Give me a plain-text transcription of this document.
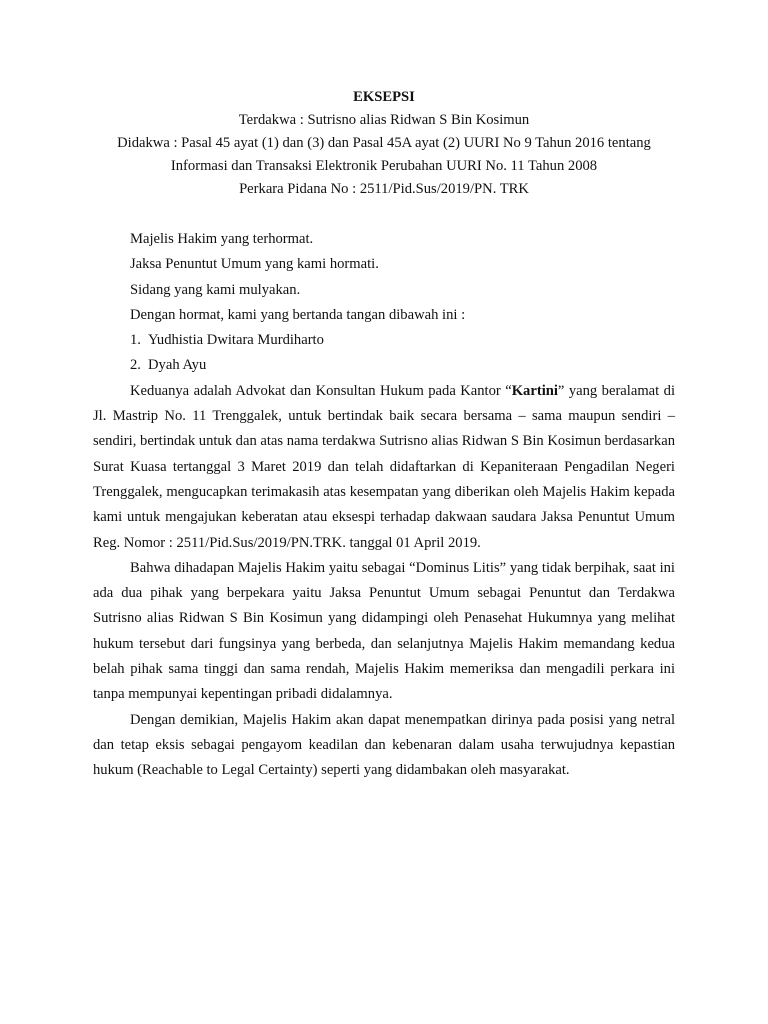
EKSEPSI
Terdakwa : Sutrisno alias Ridwan S Bin Kosimun
Didakwa : Pasal 45 ayat (1) dan (3) dan Pasal 45A ayat (2) UURI No 9 Tahun 2016 tentang
Informasi dan Transaksi Elektronik Perubahan UURI No. 11 Tahun 2008
Perkara Pidana No : 2511/Pid.Sus/2019/PN. TRK
Majelis Hakim yang terhormat.
Jaksa Penuntut Umum yang kami hormati.
Sidang yang kami mulyakan.
Dengan hormat, kami yang bertanda tangan dibawah ini :
1. Yudhistia Dwitara Murdiharto
2. Dyah Ayu

Keduanya adalah Advokat dan Konsultan Hukum pada Kantor “Kartini” yang beralamat di Jl. Mastrip No. 11 Trenggalek, untuk bertindak baik secara bersama – sama maupun sendiri – sendiri, bertindak untuk dan atas nama terdakwa Sutrisno alias Ridwan S Bin Kosimun berdasarkan Surat Kuasa tertanggal 3 Maret 2019 dan telah didaftarkan di Kepaniteraan Pengadilan Negeri Trenggalek, mengucapkan terimakasih atas kesempatan yang diberikan oleh Majelis Hakim kepada kami untuk mengajukan keberatan atau eksespi terhadap dakwaan saudara Jaksa Penuntut Umum Reg. Nomor : 2511/Pid.Sus/2019/PN.TRK. tanggal 01 April 2019.

Bahwa dihadapan Majelis Hakim yaitu sebagai “Dominus Litis” yang tidak berpihak, saat ini ada dua pihak yang berpekara yaitu Jaksa Penuntut Umum sebagai Penuntut dan Terdakwa Sutrisno alias Ridwan S Bin Kosimun yang didampingi oleh Penasehat Hukumnya yang melihat hukum tersebut dari fungsinya yang berbeda, dan selanjutnya Majelis Hakim memandang kedua belah pihak sama tinggi dan sama rendah, Majelis Hakim memeriksa dan mengadili perkara ini tanpa mempunyai kepentingan pribadi didalamnya.

Dengan demikian, Majelis Hakim akan dapat menempatkan dirinya pada posisi yang netral dan tetap eksis sebagai pengayom keadilan dan kebenaran dalam usaha terwujudnya kepastian hukum (Reachable to Legal Certainty) seperti yang didambakan oleh masyarakat.
